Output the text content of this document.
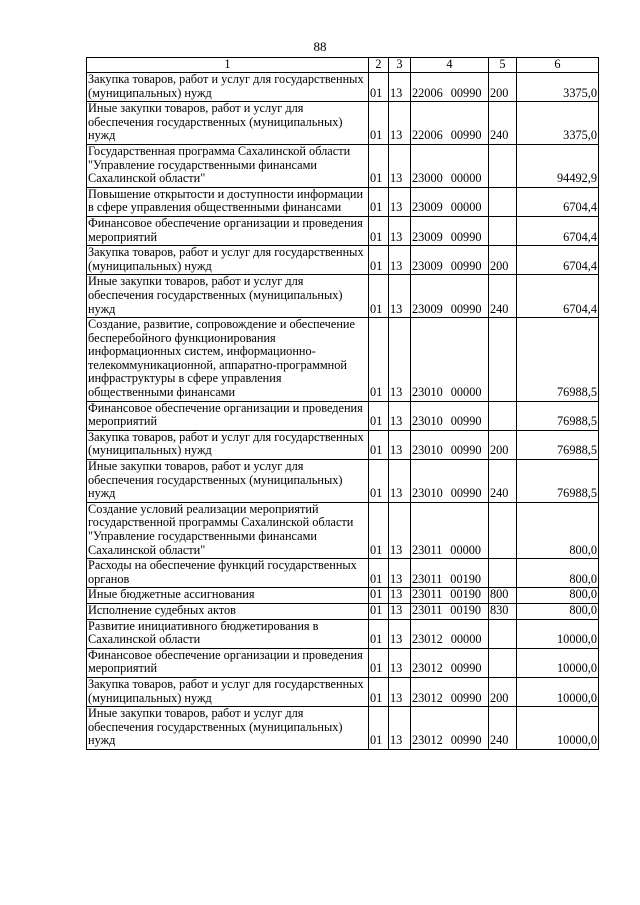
88
1	2	3	4	5	6
Закупка товаров, работ и услуг для государственных (муниципальных) нужд	01	13	22006 00990	200	3375,0
Иные закупки товаров, работ и услуг для обеспечения государственных (муниципальных) нужд	01	13	22006 00990	240	3375,0
Государственная программа Сахалинской области "Управление государственными финансами Сахалинской области"	01	13	23000 00000		94492,9
Повышение открытости и доступности информации в сфере управления общественными финансами	01	13	23009 00000		6704,4
Финансовое обеспечение организации и проведения мероприятий	01	13	23009 00990		6704,4
Закупка товаров, работ и услуг для государственных (муниципальных) нужд	01	13	23009 00990	200	6704,4
Иные закупки товаров, работ и услуг для обеспечения государственных (муниципальных) нужд	01	13	23009 00990	240	6704,4
Создание, развитие, сопровождение и обеспечение бесперебойного функционирования информационных систем, информационно-телекоммуникационной, аппаратно-программной инфраструктуры в сфере управления общественными финансами	01	13	23010 00000		76988,5
Финансовое обеспечение организации и проведения мероприятий	01	13	23010 00990		76988,5
Закупка товаров, работ и услуг для государственных (муниципальных) нужд	01	13	23010 00990	200	76988,5
Иные закупки товаров, работ и услуг для обеспечения государственных (муниципальных) нужд	01	13	23010 00990	240	76988,5
Создание условий реализации мероприятий государственной программы Сахалинской области "Управление государственными финансами Сахалинской области"	01	13	23011 00000		800,0
Расходы на обеспечение функций государственных органов	01	13	23011 00190		800,0
Иные бюджетные ассигнования	01	13	23011 00190	800	800,0
Исполнение судебных актов	01	13	23011 00190	830	800,0
Развитие инициативного бюджетирования в Сахалинской области	01	13	23012 00000		10000,0
Финансовое обеспечение организации и проведения мероприятий	01	13	23012 00990		10000,0
Закупка товаров, работ и услуг для государственных (муниципальных) нужд	01	13	23012 00990	200	10000,0
Иные закупки товаров, работ и услуг для обеспечения государственных (муниципальных) нужд	01	13	23012 00990	240	10000,0
